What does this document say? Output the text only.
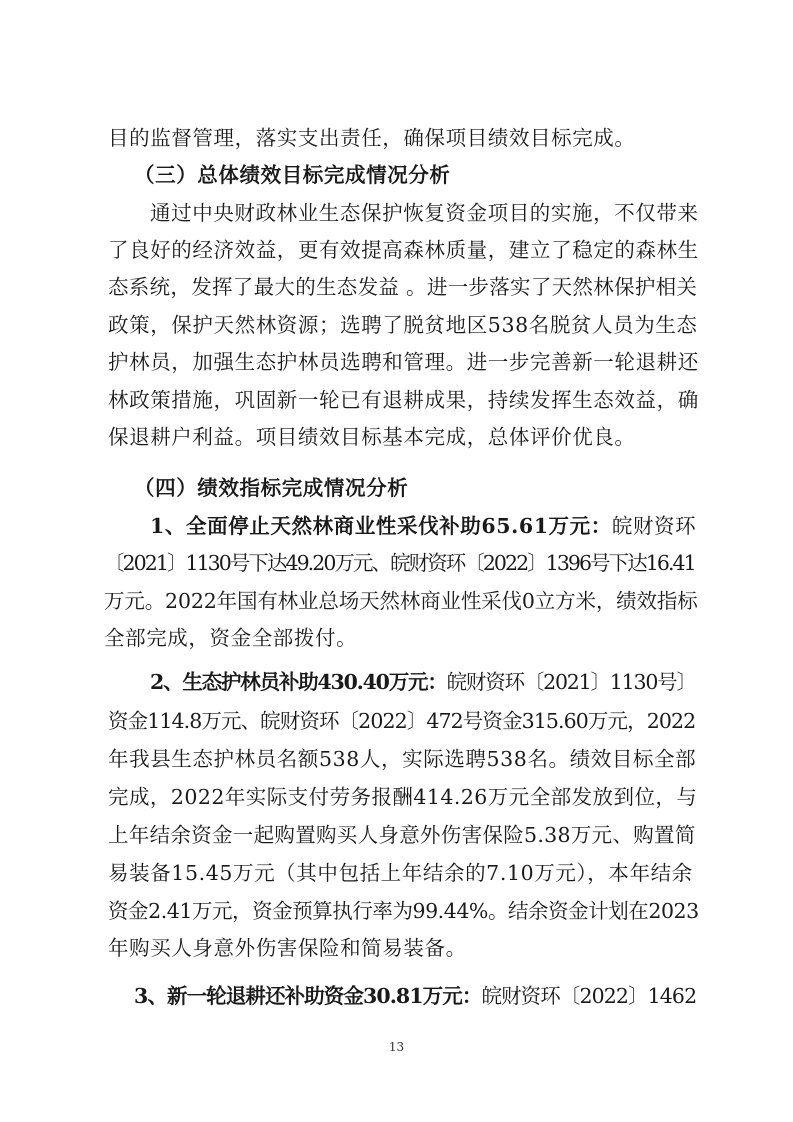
目的监督管理，落实支出责任，确保项目绩效目标完成。
（三）总体绩效目标完成情况分析
通过中央财政林业生态保护恢复资金项目的实施，不仅带来
了良好的经济效益，更有效提高森林质量，建立了稳定的森林生
态系统，发挥了最大的生态发益 。进一步落实了天然林保护相关
政策，保护天然林资源；选聘了脱贫地区538名脱贫人员为生态
护林员，加强生态护林员选聘和管理。进一步完善新一轮退耕还
林政策措施，巩固新一轮已有退耕成果，持续发挥生态效益，确
保退耕户利益。项目绩效目标基本完成，总体评价优良。
（四）绩效指标完成情况分析
1、全面停止天然林商业性采伐补助65.61万元：皖财资环
〔2021〕1130号下达49.20万元、皖财资环〔2022〕1396号下达16.41
万元。2022年国有林业总场天然林商业性采伐0立方米，绩效指标
全部完成，资金全部拨付。
2、生态护林员补助430.40万元：皖财资环〔2021〕1130号〕
资金114.8万元、皖财资环〔2022〕472号资金315.60万元，2022
年我县生态护林员名额538人，实际选聘538名。绩效目标全部
完成，2022年实际支付劳务报酬414.26万元全部发放到位，与
上年结余资金一起购置购买人身意外伤害保险5.38万元、购置简
易装备15.45万元（其中包括上年结余的7.10万元），本年结余
资金2.41万元，资金预算执行率为99.44%。结余资金计划在2023
年购买人身意外伤害保险和简易装备。
3、新一轮退耕还补助资金30.81万元：皖财资环〔2022〕1462
13
